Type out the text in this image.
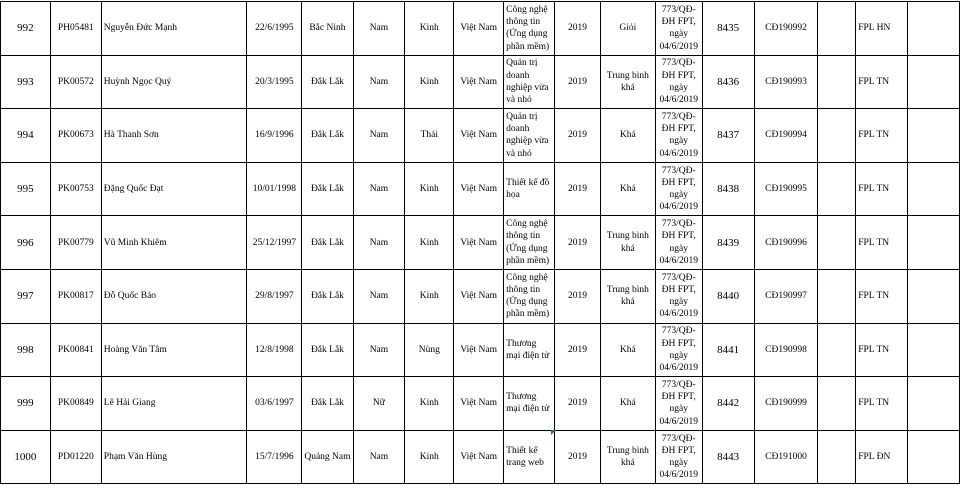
992	PH05481	Nguyễn Đức Mạnh	22/6/1995	Bắc Ninh	Nam	Kinh	Việt Nam	Công nghệ thông tin (Ứng dụng phần mềm)	2019	Giỏi	773/QĐ-ĐH FPT, ngày 04/6/2019	8435	CĐ190992		FPL HN	
993	PK00572	Huỳnh Ngọc Quý	20/3/1995	Đắk Lắk	Nam	Kinh	Việt Nam	Quản trị doanh nghiệp vừa và nhỏ	2019	Trung bình khá	773/QĐ-ĐH FPT, ngày 04/6/2019	8436	CĐ190993		FPL TN	
994	PK00673	Hà Thanh Sơn	16/9/1996	Đắk Lắk	Nam	Thái	Việt Nam	Quản trị doanh nghiệp vừa và nhỏ	2019	Khá	773/QĐ-ĐH FPT, ngày 04/6/2019	8437	CĐ190994		FPL TN	
995	PK00753	Đặng Quốc Đạt	10/01/1998	Đắk Lắk	Nam	Kinh	Việt Nam	Thiết kế đồ họa	2019	Khá	773/QĐ-ĐH FPT, ngày 04/6/2019	8438	CĐ190995		FPL TN	
996	PK00779	Vũ Minh Khiêm	25/12/1997	Đắk Lắk	Nam	Kinh	Việt Nam	Công nghệ thông tin (Ứng dụng phần mềm)	2019	Trung bình khá	773/QĐ-ĐH FPT, ngày 04/6/2019	8439	CĐ190996		FPL TN	
997	PK00817	Đỗ Quốc Bảo	29/8/1997	Đắk Lắk	Nam	Kinh	Việt Nam	Công nghệ thông tin (Ứng dụng phần mềm)	2019	Trung bình khá	773/QĐ-ĐH FPT, ngày 04/6/2019	8440	CĐ190997		FPL TN	
998	PK00841	Hoàng Văn Tâm	12/8/1998	Đắk Lắk	Nam	Nùng	Việt Nam	Thương mại điện tử	2019	Khá	773/QĐ-ĐH FPT, ngày 04/6/2019	8441	CĐ190998		FPL TN	
999	PK00849	Lê Hải Giang	03/6/1997	Đắk Lắk	Nữ	Kinh	Việt Nam	Thương mại điện tử	2019	Khá	773/QĐ-ĐH FPT, ngày 04/6/2019	8442	CĐ190999		FPL TN	
1000	PD01220	Phạm Văn Hùng	15/7/1996	Quảng Nam	Nam	Kinh	Việt Nam	Thiết kế trang web	2019	Trung bình khá	773/QĐ-ĐH FPT, ngày 04/6/2019	8443	CĐ191000		FPL ĐN	
